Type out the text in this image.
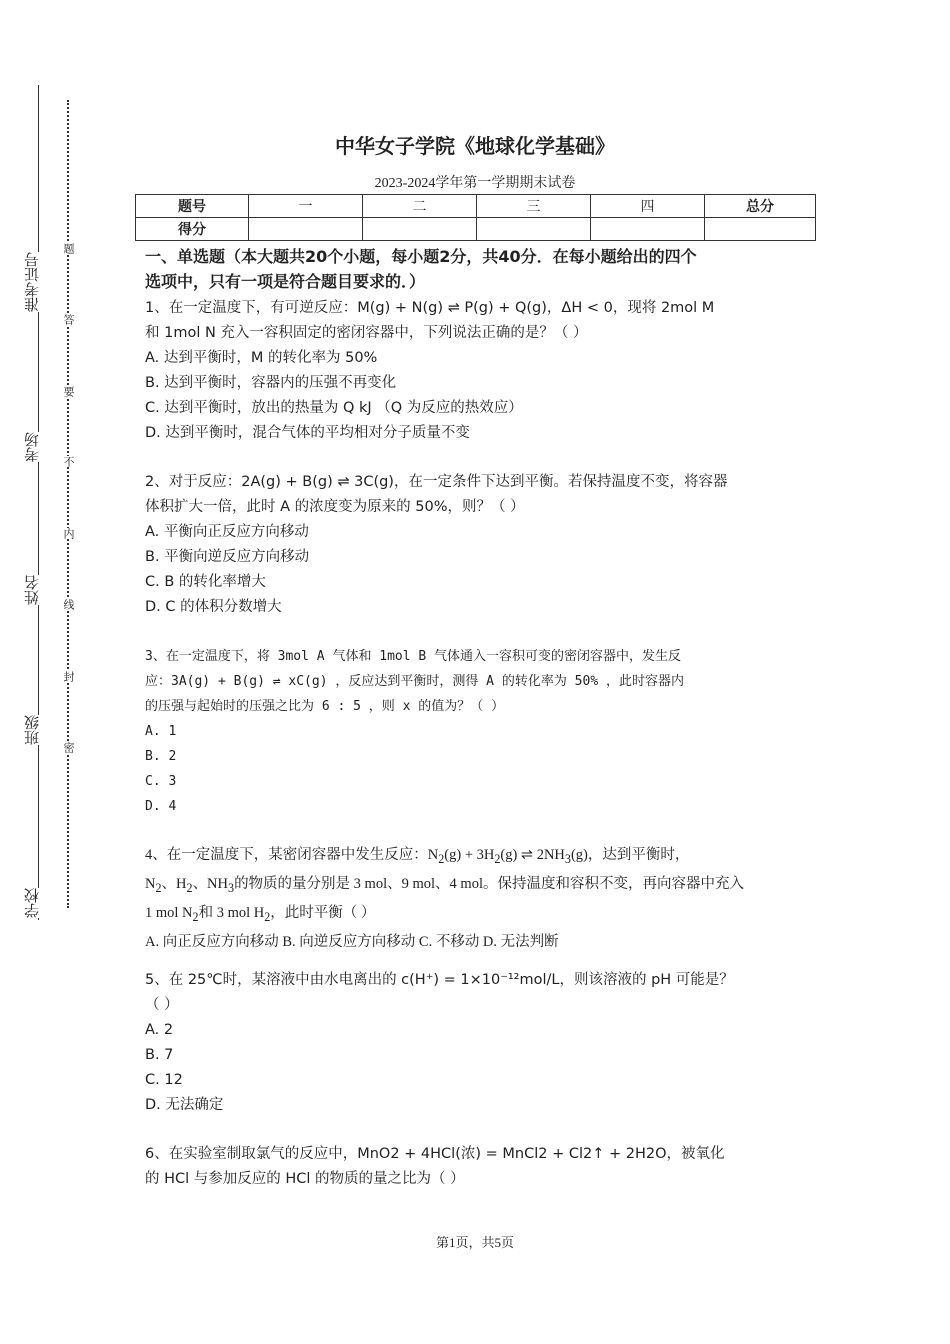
准考证号
考场
姓名
班级
学校
题
答
要
不
内
线
封
密
中华女子学院《地球化学基础》
2023-2024学年第一学期期末试卷
题号	一	二	三	四	总分
得分					
一、单选题（本大题共20个小题，每小题2分，共40分．在每小题给出的四个
选项中，只有一项是符合题目要求的．）

1、在一定温度下，有可逆反应：M(g) + N(g) ⇌ P(g) + Q(g)，ΔH < 0，现将 2mol M

和 1mol N 充入一容积固定的密闭容器中，下列说法正确的是？（ ）

A. 达到平衡时，M 的转化率为 50%

B. 达到平衡时，容器内的压强不再变化

C. 达到平衡时，放出的热量为 Q kJ （Q 为反应的热效应）

D. 达到平衡时，混合气体的平均相对分子质量不变

2、对于反应：2A(g) + B(g) ⇌ 3C(g)，在一定条件下达到平衡。若保持温度不变，将容器

体积扩大一倍，此时 A 的浓度变为原来的 50%，则？（ ）

A. 平衡向正反应方向移动

B. 平衡向逆反应方向移动

C. B 的转化率增大

D. C 的体积分数增大

3、在一定温度下，将 3mol A 气体和 1mol B 气体通入一容积可变的密闭容器中，发生反

应：3A(g) + B(g) ⇌ xC(g) ，反应达到平衡时，测得 A 的转化率为 50% ，此时容器内

的压强与起始时的压强之比为 6 : 5 ，则 x 的值为？（ ）

A. 1

B. 2

C. 3

D. 4

4、在一定温度下，某密闭容器中发生反应：$N_2(g) + 3H_2(g)$ ⇌ $2NH_3(g)$，达到平衡时，

$N_2$、$H_2$、$NH_3$的物质的量分别是 3 mol、9 mol、4 mol。保持温度和容积不变，再向容器中充入

1 mol $N_2$和 3 mol $H_2$，此时平衡（ ）

A. 向正反应方向移动 B. 向逆反应方向移动 C. 不移动 D. 无法判断

5、在 25℃时，某溶液中由水电离出的 c(H⁺) = 1×10⁻¹²mol/L，则该溶液的 pH 可能是？

（ ）

A. 2

B. 7

C. 12

D. 无法确定

6、在实验室制取氯气的反应中，MnO2 + 4HCl(浓) = MnCl2 + Cl2↑ + 2H2O，被氧化

的 HCl 与参加反应的 HCl 的物质的量之比为（ ）

第1页，共5页
